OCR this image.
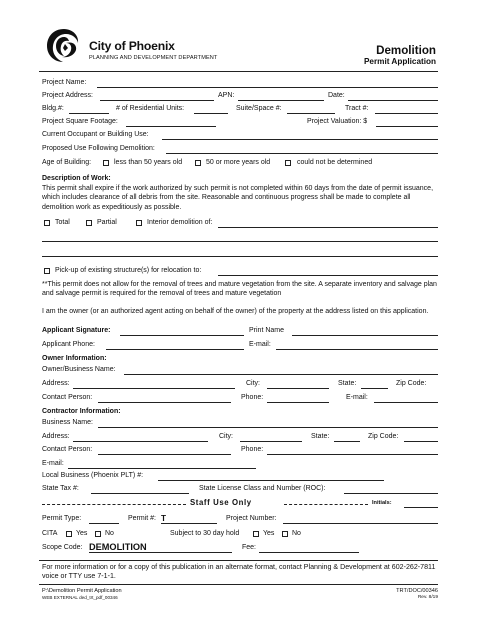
City of Phoenix
PLANNING AND DEVELOPMENT DEPARTMENT
Demolition
Permit Application
Project Name:
Project Address:	APN:	Date:
Bldg.#:	# of Residential Units:	Suite/Space #:	Tract #:
Project Square Footage:	Project Valuation: $
Current Occupant or Building Use:
Proposed Use Following Demolition:
Age of Building:	less than 50 years old	50 or more years old	could not be determined
Description of Work:
This permit shall expire if the work authorized by such permit is not completed within 60 days from the date of permit issuance, which includes clearance of all debris from the site. Reasonable and continuous progress shall be made to complete all demolition work as expeditiously as possible.
Total	Partial	Interior demolition of:
Pick-up of existing structure(s) for relocation to:
**This permit does not allow for the removal of trees and mature vegetation from the site. A separate inventory and salvage plan and salvage permit is required for the removal of trees and mature vegetation
I am the owner (or an authorized agent acting on behalf of the owner) of the property at the address listed on this application.
Applicant Signature:	Print Name
Applicant Phone:	E-mail:
Owner Information:
Owner/Business Name:
Address:	City:	State:	Zip Code:
Contact Person:	Phone:	E-mail:
Contractor Information:
Business Name:
Address:	City:	State:	Zip Code:
Contact Person:	Phone:
E-mail:
Local Business (Phoenix PLT) #:
State Tax #:	State License Class and Number (ROC):
Staff Use Only	Initials:
Permit Type:	Permit #: T	Project Number:
CITA	Yes	No	Subject to 30 day hold	Yes	No
Scope Code: DEMOLITION	Fee:
For more information or for a copy of this publication in an alternate format, contact Planning & Development at 602-262-7811 voice or TTY use 7-1-1.
P:\Demolition Permit Application
WEB EXTERNAL ded_trt_pdf_00346
TRT/DOC/00346
Rev. 8/19
